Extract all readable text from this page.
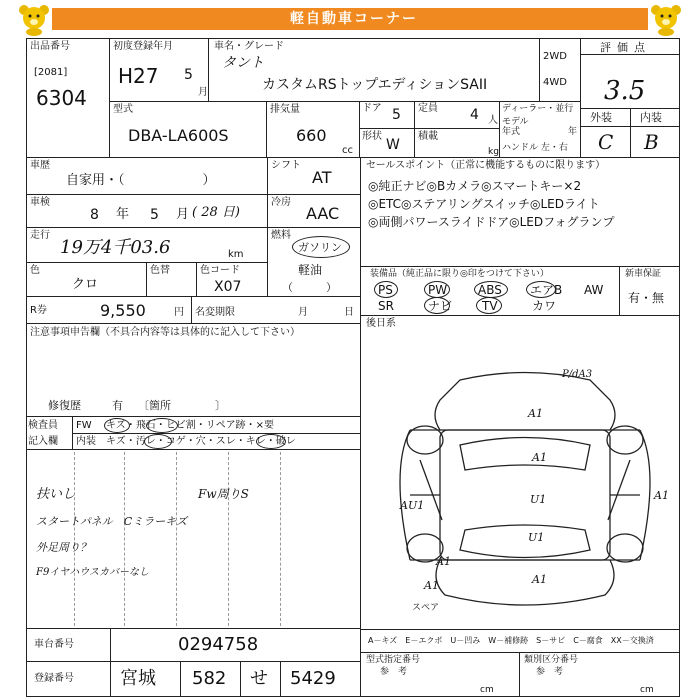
軽自動車コーナー
出品番号
[2081]
6304
初度登録年月
H27 5
月
車名・グレード
タント
カスタムRSトップエディションSAII
2WD
4WD
評価点
3.5
外装	内装
C B
型式
DBA-LA600S
排気量
660
cc
ドア 5 定員 4 人
ディーラー・並行
モデル
年式	年
ハンドル 左・右
形状
W
積載
kg
車歴
自家用・（　　　　　　）
シフト
AT
車検
8 年 5 月 ( 28 日)
冷房
AAC
走行
19万4千03.6	km
燃料
ガソリン
軽油
（　　　）
色
クロ
色替	色コード
X07
R券	9,550	円 名変期限	月	日
セールスポイント（正常に機能するものに限ります）
◎純正ナビ◎Bカメラ◎スマートキー×2
◎ETC◎ステアリングスイッチ◎LEDライト
◎両側パワースライドドア◎LEDフォグランプ
装備品（純正品に限り◎印をつけて下さい）
PS	PW	ABS エアB AW
SR	ナビ TV	カワ
新車保証
有・無
注意事項申告欄（不具合内容等は具体的に記入して下さい）
修復歴	有 〔箇所　　　　〕
検査員
記入欄
FW キズ・飛石・ヒビ割・リペア跡・×要
内装 キズ・汚レ・コゲ・穴・スレ・キレ・破レ
扶いし
スタートパネル　Cミラーキズ
外足周り？
F9イヤハウスカバーなし
Fw周りS
後日系
A1
A1
U1
U1
AU1
A1
A1
A1	A1
P/dA3
スペア
車台番号	0294758
登録番号	宮城 582 せ 5429
A－キズ　E－エクボ　U－凹み　W－補修跡　S－サビ　C－腐食　XX－交換済
型式指定番号
参　考
cm
類別区分番号
参　考
cm
